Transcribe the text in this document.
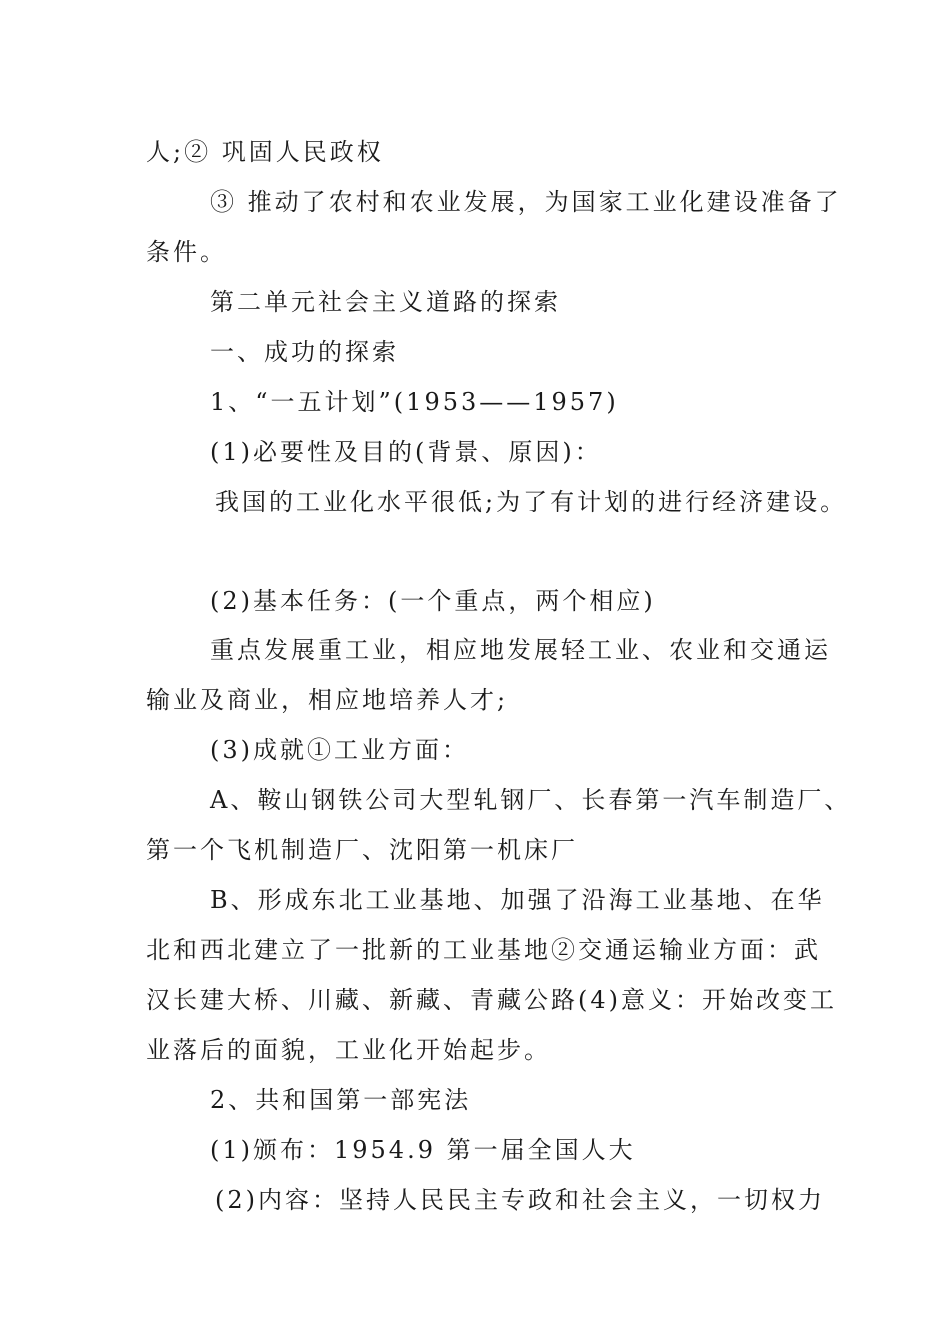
人;② 巩固人民政权
③ 推动了农村和农业发展，为国家工业化建设准备了
条件。
第二单元社会主义道路的探索
一、成功的探索
1、“一五计划”(1953——1957)
(1)必要性及目的(背景、原因)：
我国的工业化水平很低;为了有计划的进行经济建设。
(2)基本任务：(一个重点，两个相应)
重点发展重工业，相应地发展轻工业、农业和交通运
输业及商业，相应地培养人才;
(3)成就①工业方面：
A、鞍山钢铁公司大型轧钢厂、长春第一汽车制造厂、
第一个飞机制造厂、沈阳第一机床厂
B、形成东北工业基地、加强了沿海工业基地、在华
北和西北建立了一批新的工业基地②交通运输业方面：武
汉长建大桥、川藏、新藏、青藏公路(4)意义：开始改变工
业落后的面貌，工业化开始起步。
2、共和国第一部宪法
(1)颁布：1954.9 第一届全国人大
(2)内容：坚持人民民主专政和社会主义，一切权力
